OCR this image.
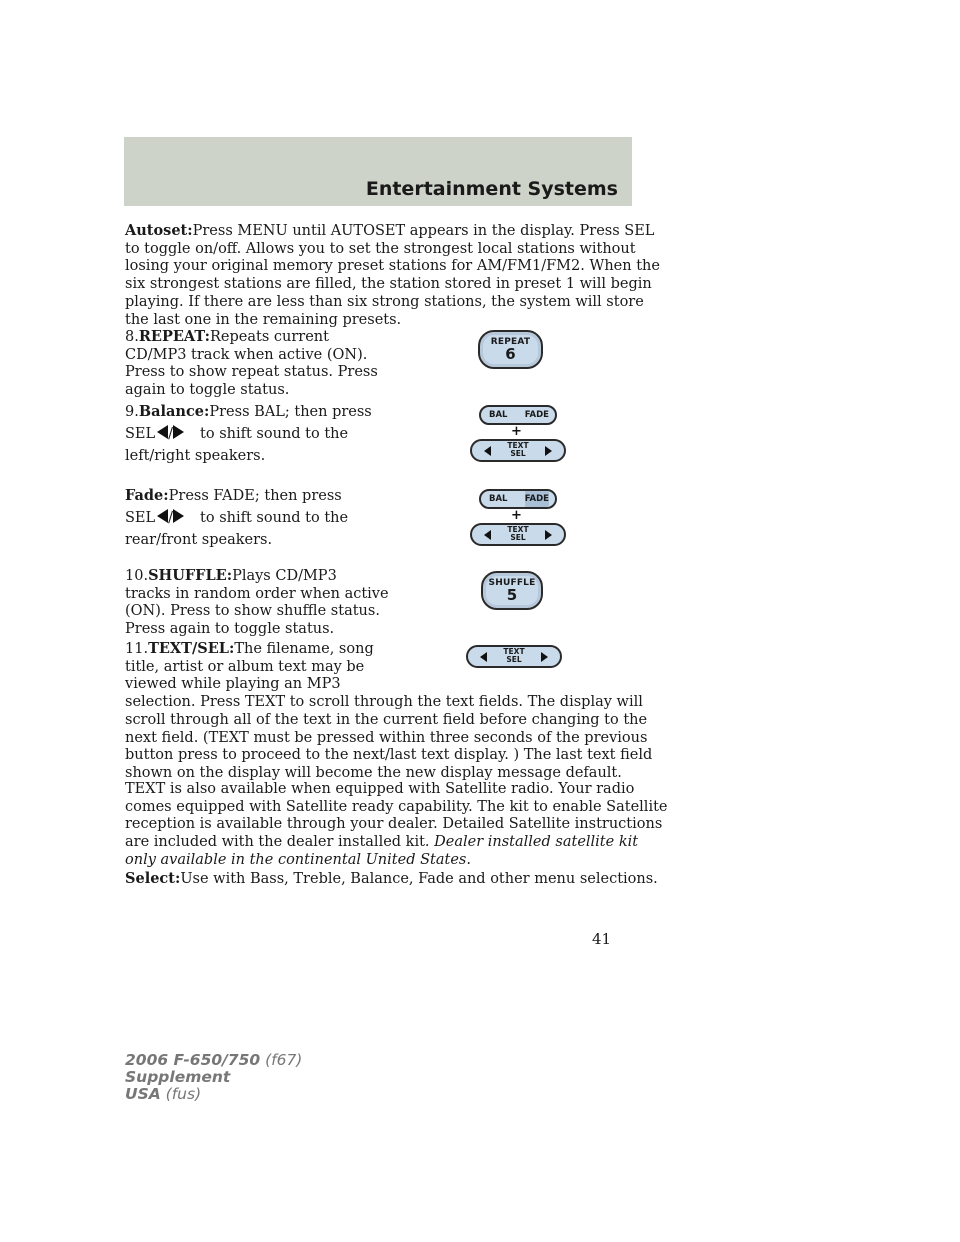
Entertainment Systems

Autoset:Press MENU until AUTOSET appears in the display. Press SEL
to toggle on/off. Allows you to set the strongest local stations without
losing your original memory preset stations for AM/FM1/FM2. When the
six strongest stations are filled, the station stored in preset 1 will begin
playing. If there are less than six strong stations, the system will store
the last one in the remaining presets.

8.REPEAT:Repeats current
CD/MP3 track when active (ON).
Press to show repeat status. Press
again to toggle status.

REPEAT
6

9.Balance:Press BAL; then press
SEL / to shift sound to the
left/right speakers.

BAL FADE
+
TEXT
SEL

Fade:Press FADE; then press
SEL / to shift sound to the
rear/front speakers.

BAL FADE
+
TEXT
SEL

10.SHUFFLE:Plays CD/MP3
tracks in random order when active
(ON). Press to show shuffle status.
Press again to toggle status.

SHUFFLE
5

11.TEXT/SEL:The filename, song
title, artist or album text may be
viewed while playing an MP3
selection. Press TEXT to scroll through the text fields. The display will
scroll through all of the text in the current field before changing to the
next field. (TEXT must be pressed within three seconds of the previous
button press to proceed to the next/last text display. ) The last text field
shown on the display will become the new display message default.

TEXT
SEL

TEXT is also available when equipped with Satellite radio. Your radio
comes equipped with Satellite ready capability. The kit to enable Satellite
reception is available through your dealer. Detailed Satellite instructions
are included with the dealer installed kit. Dealer installed satellite kit
only available in the continental United States.

Select:Use with Bass, Treble, Balance, Fade and other menu selections.

41
2006 F-650/750 (f67)
Supplement
USA (fus)
